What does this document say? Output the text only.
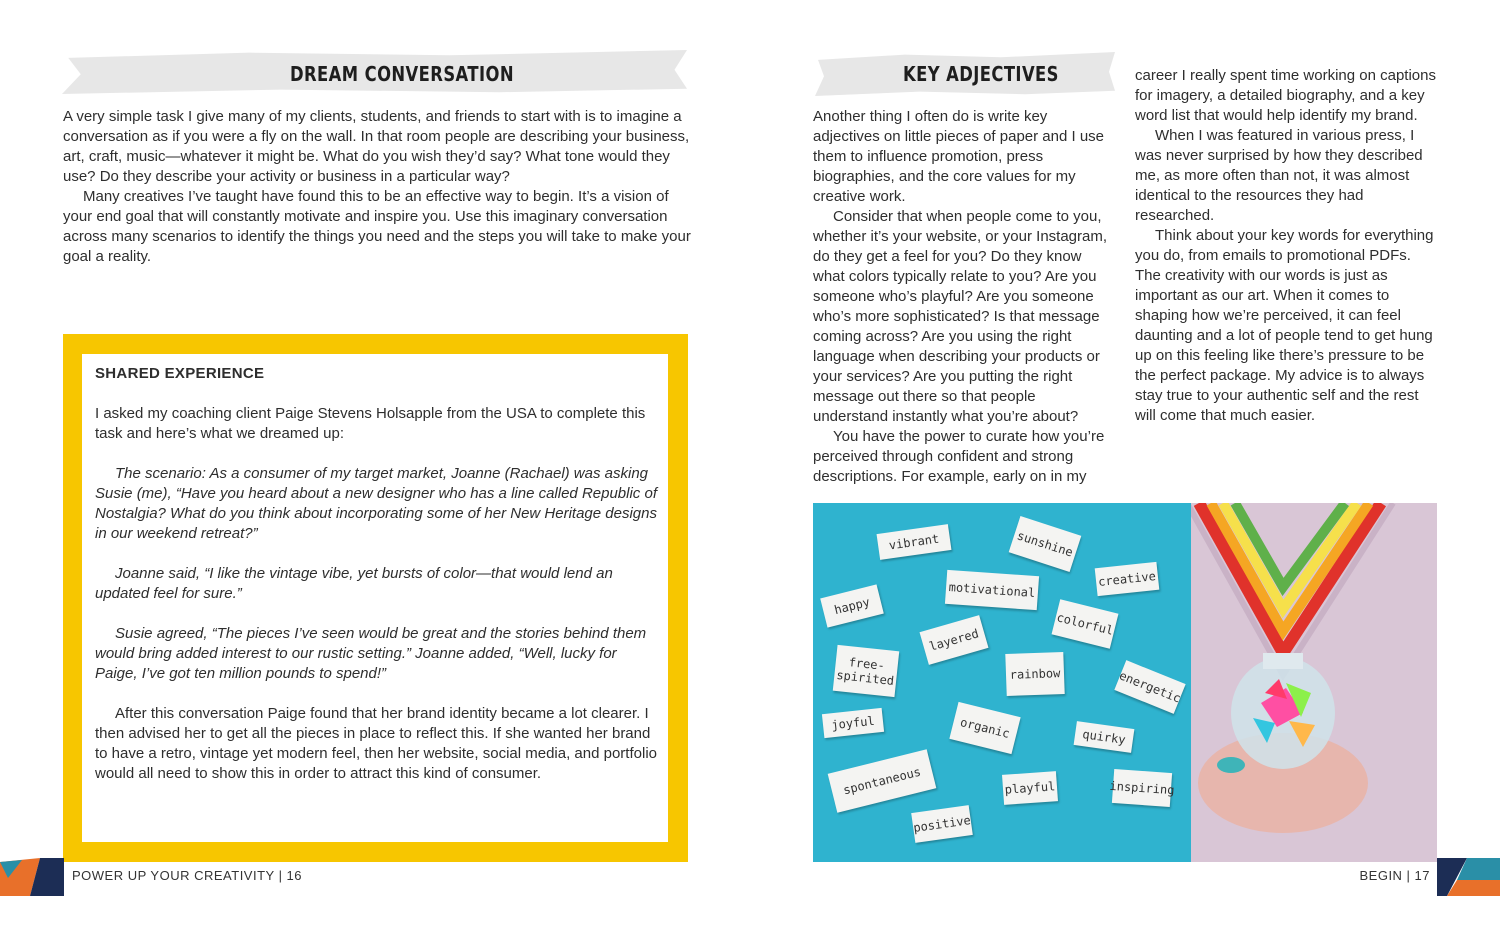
DREAM CONVERSATION

A very simple task I give many of my clients, students, and friends to start with is to imagine a conversation as if you were a fly on the wall. In that room people are describing your business, art, craft, music—whatever it might be. What do you wish they’d say? What tone would they use? Do they describe your activity or business in a particular way?

Many creatives I’ve taught have found this to be an effective way to begin. It’s a vision of your end goal that will constantly motivate and inspire you. Use this imaginary conversation across many scenarios to identify the things you need and the steps you will take to make your goal a reality.

SHARED EXPERIENCE

I asked my coaching client Paige Stevens Holsapple from the USA to complete this task and here’s what we dreamed up:

The scenario: As a consumer of my target market, Joanne (Rachael) was asking Susie (me), “Have you heard about a new designer who has a line called Republic of Nostalgia? What do you think about incorporating some of her New Heritage designs in our weekend retreat?”

Joanne said, “I like the vintage vibe, yet bursts of color—that would lend an updated feel for sure.”

Susie agreed, “The pieces I’ve seen would be great and the stories behind them would bring added interest to our rustic setting.” Joanne added, “Well, lucky for Paige, I’ve got ten million pounds to spend!”

After this conversation Paige found that her brand identity became a lot clearer. I then advised her to get all the pieces in place to reflect this. If she wanted her brand to have a retro, vintage yet modern feel, then her website, social media, and portfolio would all need to show this in order to attract this kind of consumer.

POWER UP YOUR CREATIVITY | 16
KEY ADJECTIVES

Another thing I often do is write key adjectives on little pieces of paper and I use them to influence promotion, press biographies, and the core values for my creative work.

Consider that when people come to you, whether it’s your website, or your Instagram, do they get a feel for you? Do they know what colors typically relate to you? Are you someone who’s playful? Are you someone who’s more sophisticated? Is that message coming across? Are you using the right language when describing your products or your services? Are you putting the right message out there so that people understand instantly what you’re about?

You have the power to curate how you’re perceived through confident and strong descriptions. For example, early on in my

career I really spent time working on captions for imagery, a detailed biography, and a key word list that would help identify my brand.

When I was featured in various press, I was never surprised by how they described me, as more often than not, it was almost identical to the resources they had researched.

Think about your key words for everything you do, from emails to promotional PDFs. The creativity with our words is just as important as our art. When it comes to shaping how we’re perceived, it can feel daunting and a lot of people tend to get hung up on this feeling like there’s pressure to be the perfect package. My advice is to always stay true to your authentic self and the rest will come that much easier.

vibrant	sunshine
creative
happy
motivational
colorful
layered
free-spirited	rainbow	energetic
joyful	organic	quirky
spontaneous	playful	inspiring
positive
BEGIN | 17
